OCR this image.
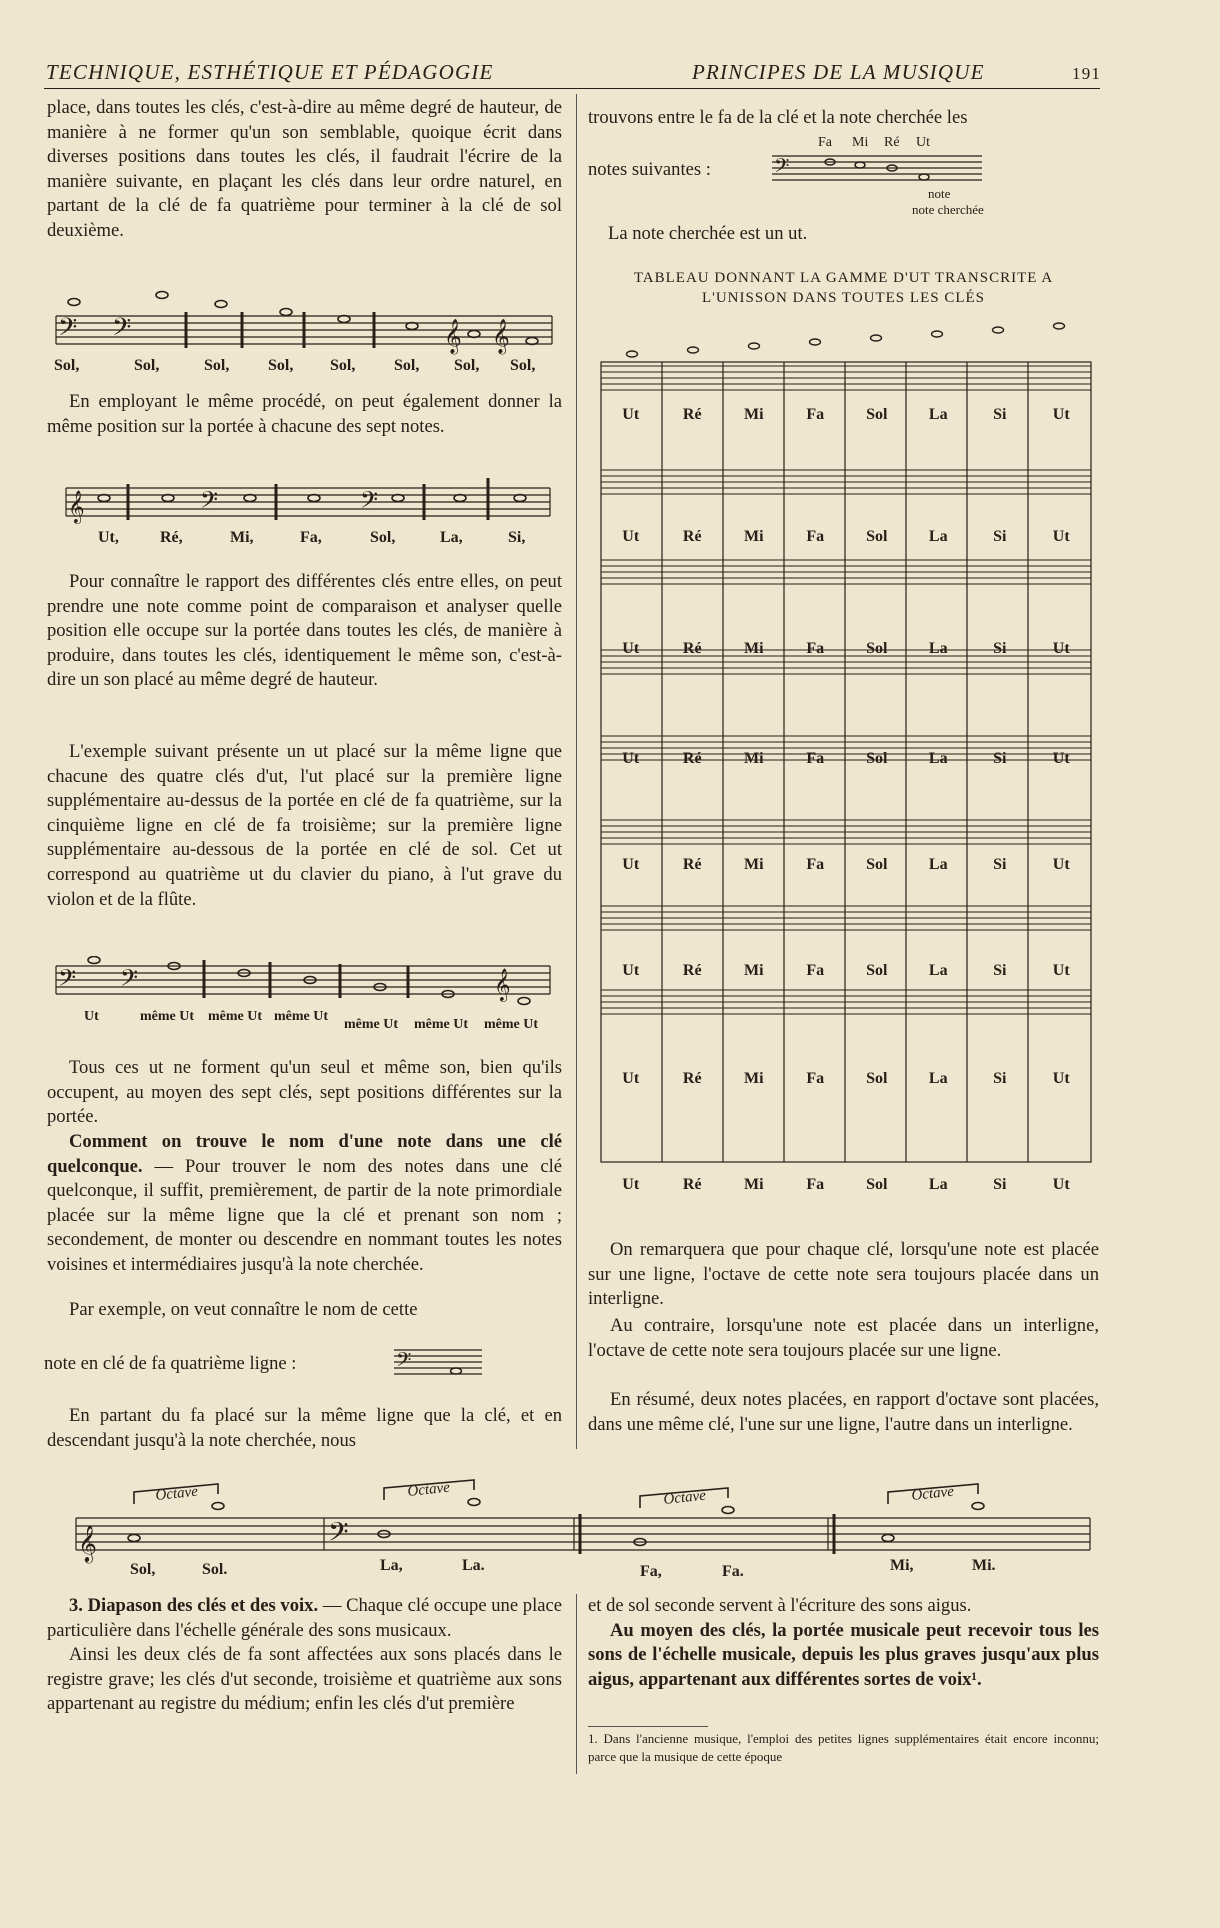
TECHNIQUE, ESTHÉTIQUE ET PÉDAGOGIE	PRINCIPES DE LA MUSIQUE	191

place, dans toutes les clés, c'est-à-dire au même degré de hauteur, de manière à ne former qu'un son semblable, quoique écrit dans diverses positions dans toutes les clés, il faudrait l'écrire de la manière suivante, en plaçant les clés dans leur ordre naturel, en partant de la clé de fa quatrième pour terminer à la clé de sol deuxième.

𝄢 𝄢	𝄞 𝄞
Sol,	Sol,	Sol, Sol, Sol, Sol, Sol, Sol,

En employant le même procédé, on peut également donner la même position sur la portée à chacune des sept notes.

𝄞	𝄢	𝄢
Ut,	Ré,	Mi,	Fa,	Sol,	La,	Si,

Pour connaître le rapport des différentes clés entre elles, on peut prendre une note comme point de comparaison et analyser quelle position elle occupe sur la portée dans toutes les clés, de manière à produire, dans toutes les clés, identiquement le même son, c'est-à-dire un son placé au même degré de hauteur.

L'exemple suivant présente un ut placé sur la même ligne que chacune des quatre clés d'ut, l'ut placé sur la première ligne supplémentaire au-dessus de la portée en clé de fa quatrième, sur la cinquième ligne en clé de fa troisième; sur la première ligne supplémentaire au-dessous de la portée en clé de sol. Cet ut correspond au quatrième ut du clavier du piano, à l'ut grave du violon et de la flûte.

𝄢 𝄢	𝄞
Ut	même Ut même Ut même Ut
même Ut même Ut même Ut

Tous ces ut ne forment qu'un seul et même son, bien qu'ils occupent, au moyen des sept clés, sept positions différentes sur la portée.

Comment on trouve le nom d'une note dans une clé quelconque. — Pour trouver le nom des notes dans une clé quelconque, il suffit, premièrement, de partir de la note primordiale placée sur la même ligne que la clé et prenant son nom ; secondement, de monter ou descendre en nommant toutes les notes voisines et intermédiaires jusqu'à la note cherchée.

Par exemple, on veut connaître le nom de cette

note en clé de fa quatrième ligne :	𝄢

En partant du fa placé sur la même ligne que la clé, et en descendant jusqu'à la note cherchée, nous

trouvons entre le fa de la clé et la note cherchée les

notes suivantes :
Fa Mi Ré Ut
𝄢
note
note cherchée
La note cherchée est un ut.
TABLEAU DONNANT LA GAMME D'UT TRANSCRITE A
L'UNISSON DANS TOUTES LES CLÉS
Ut	Ré	Mi	Fa	Sol	La	Si	Ut
Ut	Ré	Mi	Fa	Sol	La	Si	Ut
Ut	Ré	Mi	Fa	Sol	La	Si	Ut
Ut	Ré	Mi	Fa	Sol	La	Si	Ut
Ut	Ré	Mi	Fa	Sol	La	Si	Ut
Ut	Ré	Mi	Fa	Sol	La	Si	Ut
Ut	Ré	Mi	Fa	Sol	La	Si	Ut
Ut	Ré	Mi	Fa	Sol	La	Si	Ut

On remarquera que pour chaque clé, lorsqu'une note est placée sur une ligne, l'octave de cette note sera toujours placée dans un interligne.

Au contraire, lorsqu'une note est placée dans un interligne, l'octave de cette note sera toujours placée sur une ligne.

En résumé, deux notes placées, en rapport d'octave sont placées, dans une même clé, l'une sur une ligne, l'autre dans un interligne.

𝄞	𝄢
Octave	Octave	Octave	Octave
Sol,	Sol.	La,	La.	Fa,	Fa.	Mi,	Mi.

3. Diapason des clés et des voix. — Chaque clé occupe une place particulière dans l'échelle générale des sons musicaux.

Ainsi les deux clés de fa sont affectées aux sons placés dans le registre grave; les clés d'ut seconde, troisième et quatrième aux sons appartenant au registre du médium; enfin les clés d'ut première

et de sol seconde servent à l'écriture des sons aigus.

Au moyen des clés, la portée musicale peut recevoir tous les sons de l'échelle musicale, depuis les plus graves jusqu'aux plus aigus, appartenant aux différentes sortes de voix¹.

1. Dans l'ancienne musique, l'emploi des petites lignes supplémentaires était encore inconnu; parce que la musique de cette époque
